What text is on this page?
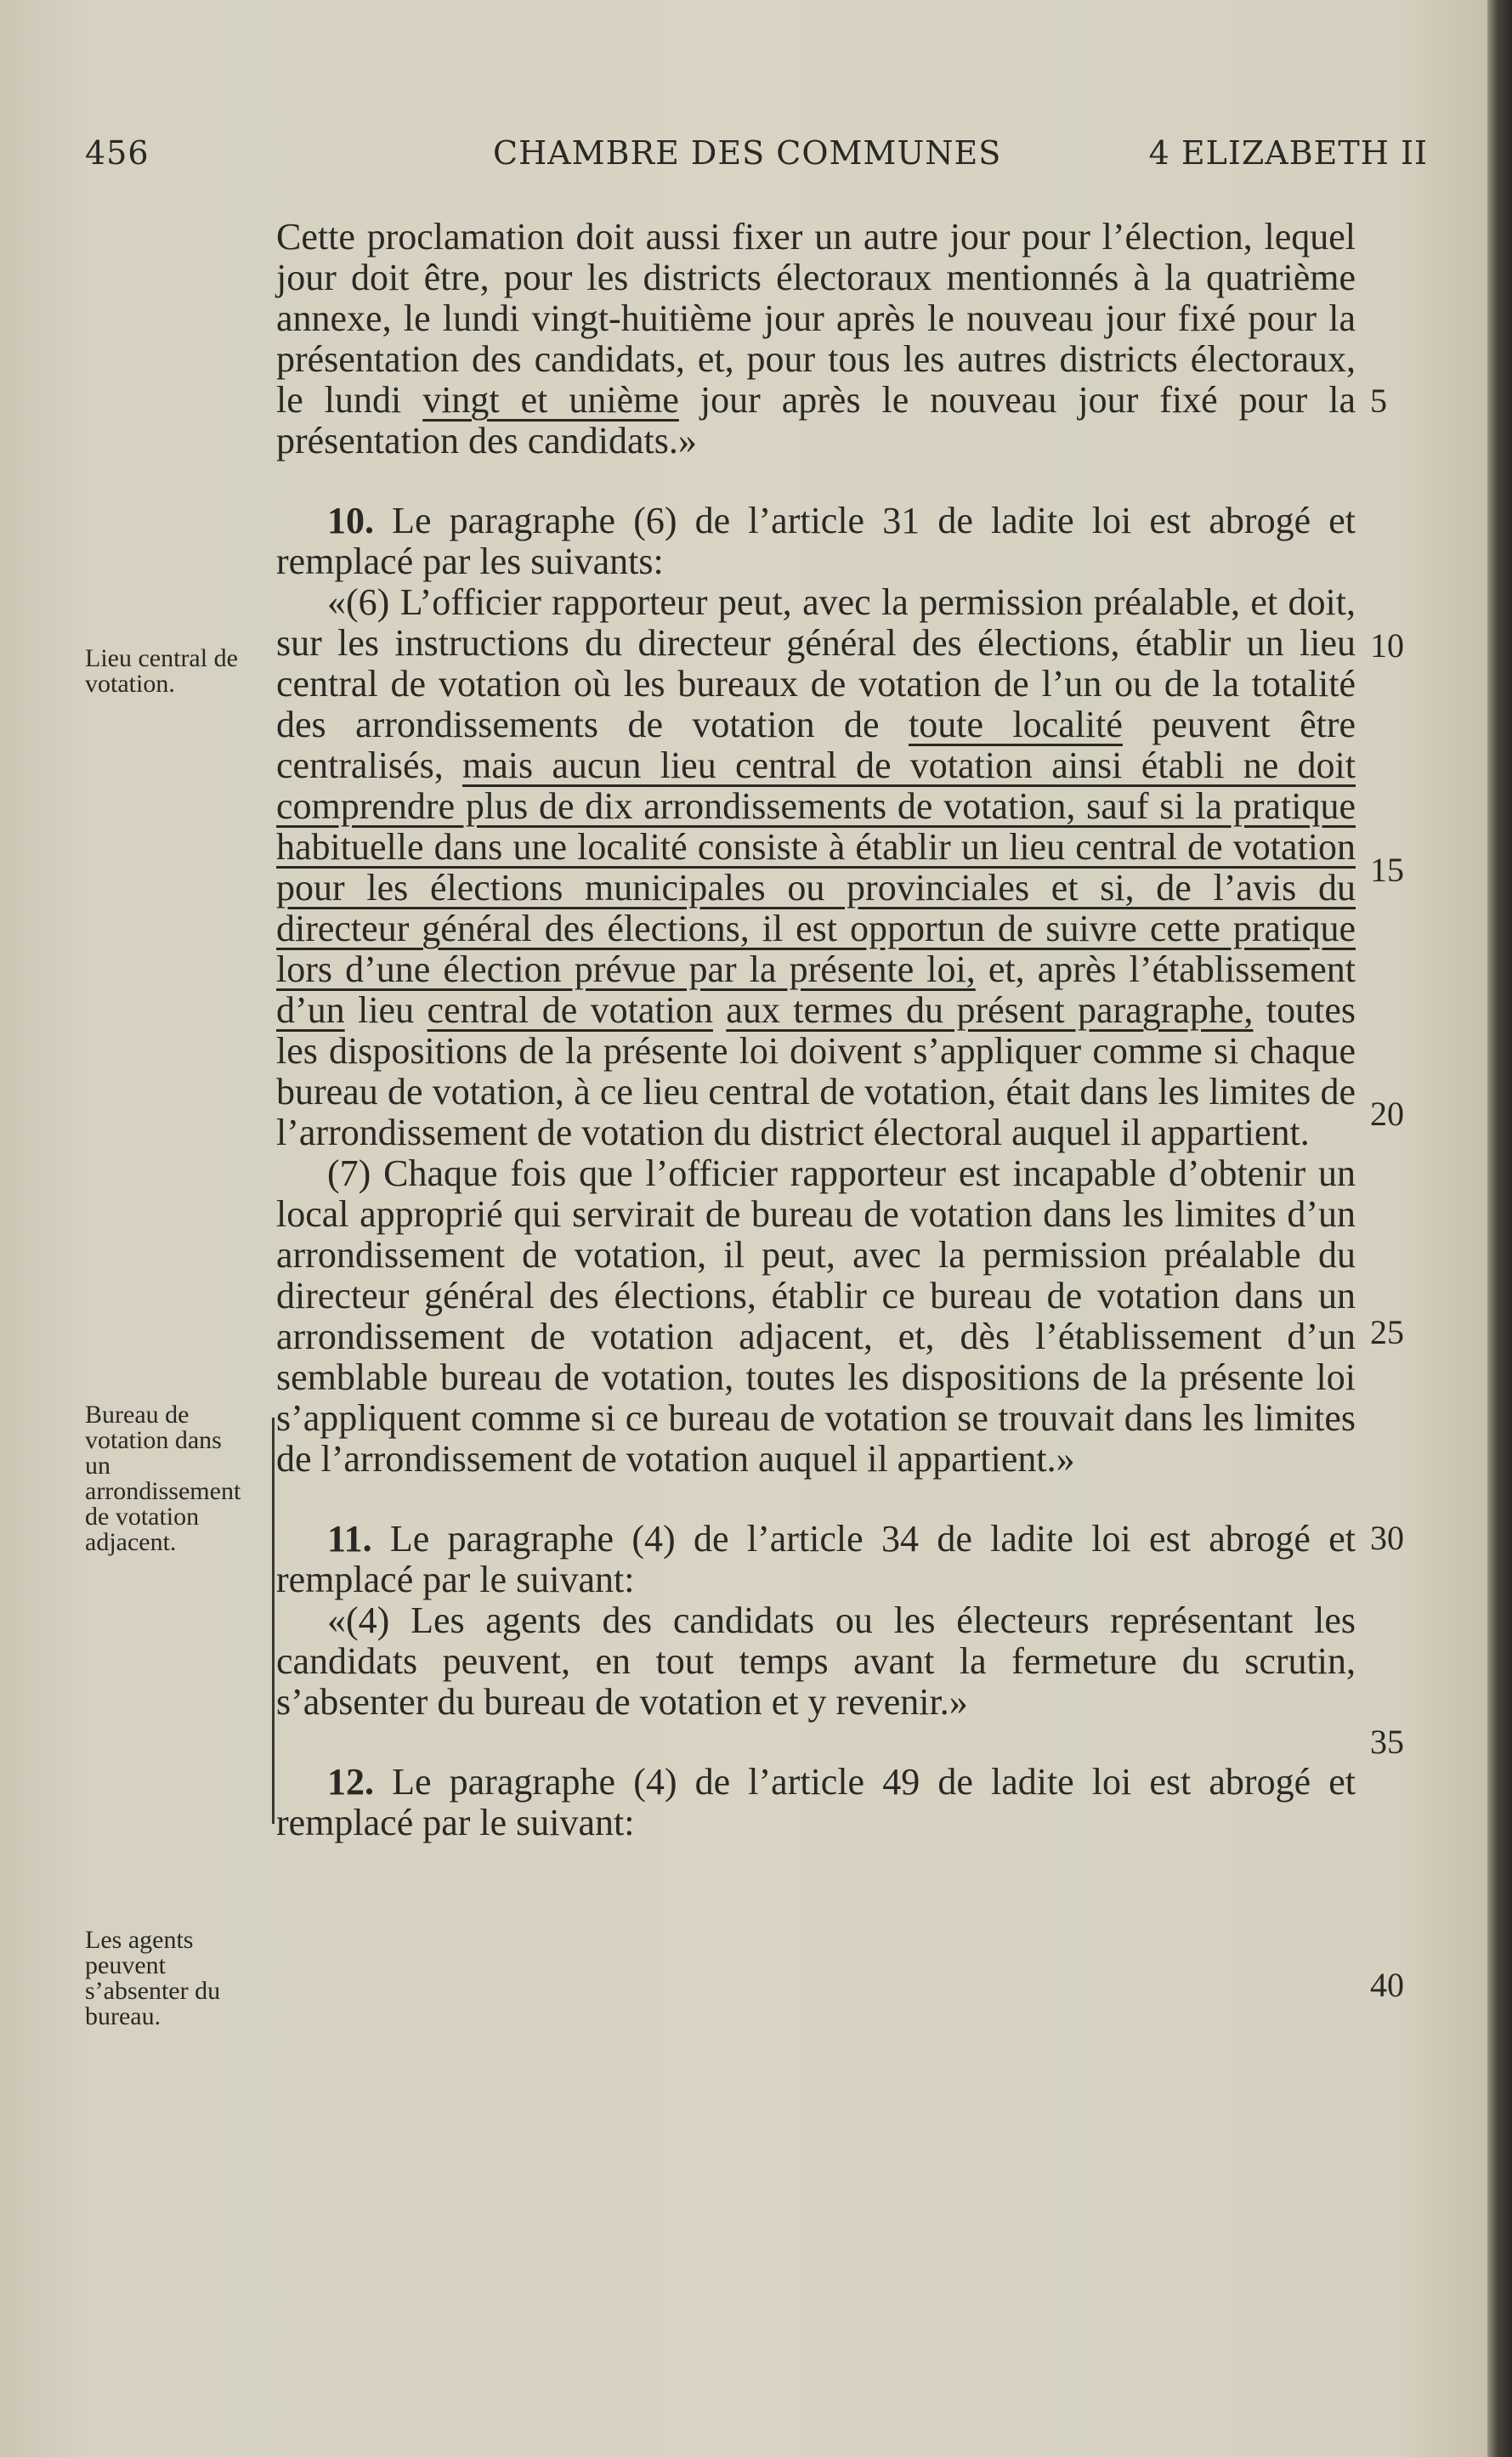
456	CHAMBRE DES COMMUNES	4 ELIZABETH II
Lieu central de votation.
Bureau de votation dans un arrondissement de votation adjacent.
Les agents peuvent s’absenter du bureau.
5
10
15
20
25
30
35
40

Cette proclamation doit aussi fixer un autre jour pour l’élection, lequel jour doit être, pour les districts électoraux mentionnés à la quatrième annexe, le lundi vingt-huitième jour après le nouveau jour fixé pour la présentation des candidats, et, pour tous les autres districts électoraux, le lundi vingt et unième jour après le nouveau jour fixé pour la présentation des candidats.»

10. Le paragraphe (6) de l’article 31 de ladite loi est abrogé et remplacé par les suivants:

«(6) L’officier rapporteur peut, avec la permission préalable, et doit, sur les instructions du directeur général des élections, établir un lieu central de votation où les bureaux de votation de l’un ou de la totalité des arrondissements de votation de toute localité peuvent être centralisés, mais aucun lieu central de votation ainsi établi ne doit comprendre plus de dix arrondissements de votation, sauf si la pratique habituelle dans une localité consiste à établir un lieu central de votation pour les élections municipales ou provinciales et si, de l’avis du directeur général des élections, il est opportun de suivre cette pratique lors d’une élection prévue par la présente loi, et, après l’établissement d’un lieu central de votation aux termes du présent paragraphe, toutes les dispositions de la présente loi doivent s’appliquer comme si chaque bureau de votation, à ce lieu central de votation, était dans les limites de l’arrondissement de votation du district électoral auquel il appartient.

(7) Chaque fois que l’officier rapporteur est incapable d’obtenir un local approprié qui servirait de bureau de votation dans les limites d’un arrondissement de votation, il peut, avec la permission préalable du directeur général des élections, établir ce bureau de votation dans un arrondissement de votation adjacent, et, dès l’établissement d’un semblable bureau de votation, toutes les dispositions de la présente loi s’appliquent comme si ce bureau de votation se trouvait dans les limites de l’arrondissement de votation auquel il appartient.»

11. Le paragraphe (4) de l’article 34 de ladite loi est abrogé et remplacé par le suivant:

«(4) Les agents des candidats ou les électeurs représentant les candidats peuvent, en tout temps avant la fermeture du scrutin, s’absenter du bureau de votation et y revenir.»

12. Le paragraphe (4) de l’article 49 de ladite loi est abrogé et remplacé par le suivant:
